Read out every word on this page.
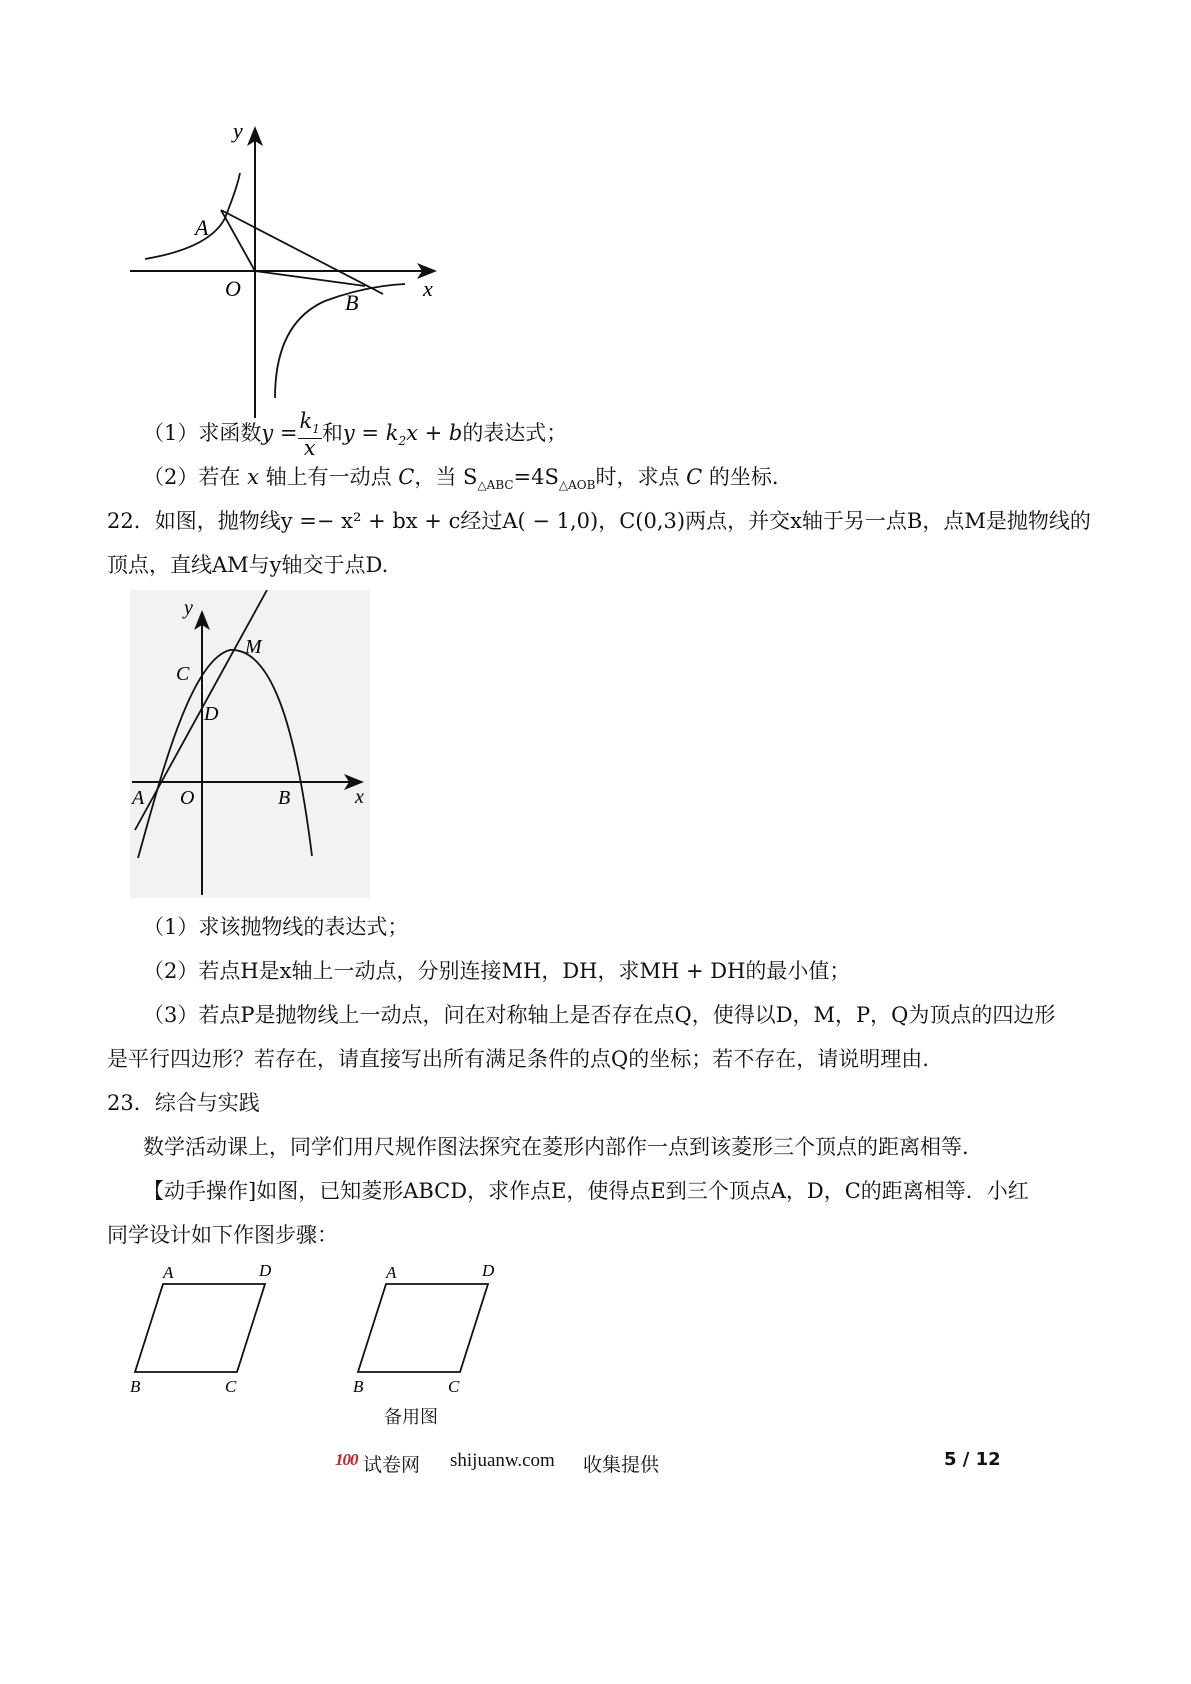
y
x
A
O
B
（1）求函数$y = \frac{k_1}{x}$ 和$y = k_2x + b$的表达式；
（2）若在 x 轴上有一动点 C，当 $S_{\triangle ABC}=4S_{\triangle AOB}$时，求点 C 的坐标.
22．如图，抛物线y =− x² + bx + c经过A( − 1,0)，C(0,3)两点，并交x轴于另一点B，点M是抛物线的
顶点，直线AM与y轴交于点D.
y
x
M
C
D
A O	B
（1）求该抛物线的表达式；
（2）若点H是x轴上一动点，分别连接MH，DH，求MH + DH的最小值；
（3）若点P是抛物线上一动点，问在对称轴上是否存在点Q，使得以D，M，P，Q为顶点的四边形
是平行四边形？若存在，请直接写出所有满足条件的点Q的坐标；若不存在，请说明理由.
23．综合与实践
数学活动课上，同学们用尺规作图法探究在菱形内部作一点到该菱形三个顶点的距离相等.
【动手操作]如图，已知菱形ABCD，求作点E，使得点E到三个顶点A，D，C的距离相等．小红
同学设计如下作图步骤：
A	D
B	C
A	D
B	C
备用图
100 试卷网 shijuanw.com 收集提供	5 / 12
